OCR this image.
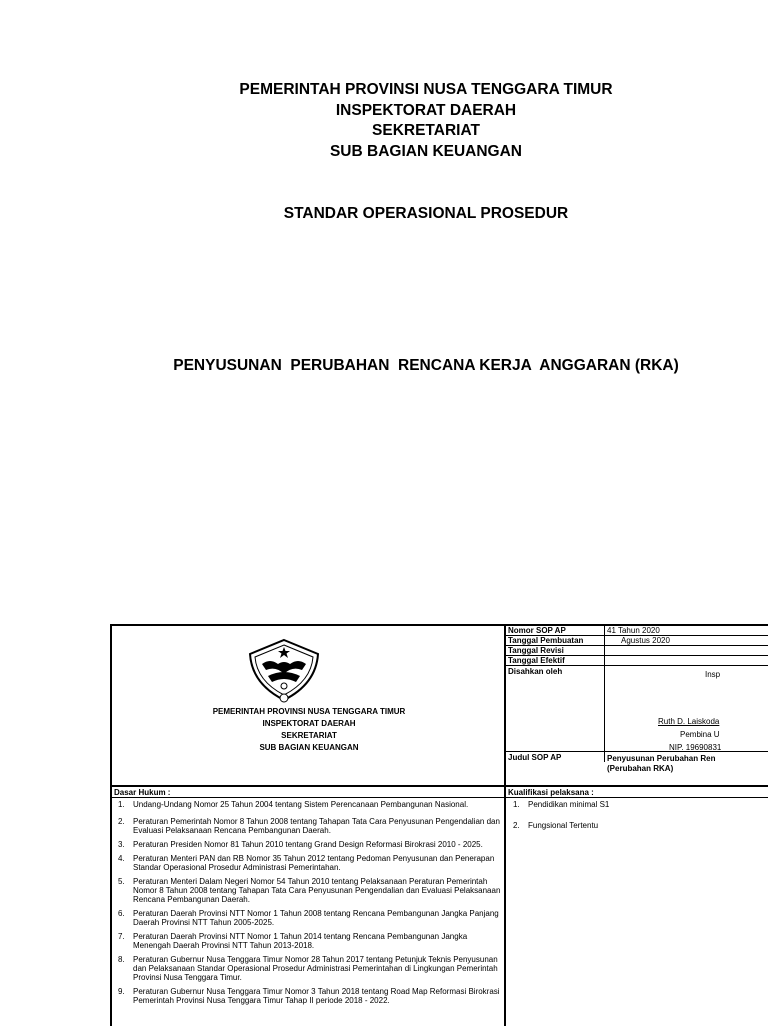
PEMERINTAH PROVINSI NUSA TENGGARA TIMUR
INSPEKTORAT DAERAH
SEKRETARIAT
SUB BAGIAN KEUANGAN
STANDAR OPERASIONAL PROSEDUR
PENYUSUNAN  PERUBAHAN  RENCANA KERJA  ANGGARAN (RKA)
PEMERINTAH PROVINSI NUSA TENGGARA TIMUR
INSPEKTORAT DAERAH
SEKRETARIAT
SUB BAGIAN KEUANGAN
Nomor SOP AP
Tanggal Pembuatan
Tanggal Revisi
Tanggal Efektif
Disahkan oleh
Judul SOP AP
41 Tahun 2020
Agustus 2020
Insp
Ruth D. Laiskoda
Pembina U
NIP. 19690831
Penyusunan Perubahan Ren
(Perubahan RKA)
Dasar Hukum :	Kualifikasi pelaksana :
1. Undang-Undang Nomor 25 Tahun 2004 tentang Sistem Perencanaan Pembangunan Nasional.
2. Peraturan Pemerintah Nomor 8 Tahun 2008 tentang Tahapan Tata Cara Penyusunan Pengendalian dan Evaluasi Pelaksanaan Rencana Pembangunan Daerah.
3. Peraturan Presiden Nomor 81 Tahun 2010 tentang Grand Design Reformasi Birokrasi 2010 - 2025.
4. Peraturan Menteri PAN dan RB Nomor 35 Tahun 2012 tentang Pedoman Penyusunan dan Penerapan Standar Operasional Prosedur Administrasi Pemerintahan.
5. Peraturan Menteri Dalam Negeri Nomor 54 Tahun 2010 tentang Pelaksanaan Peraturan Pemerintah Nomor 8 Tahun 2008 tentang Tahapan Tata Cara Penyusunan Pengendalian dan Evaluasi Pelaksanaan Rencana Pembangunan Daerah.
6. Peraturan Daerah Provinsi NTT Nomor 1 Tahun 2008 tentang Rencana Pembangunan Jangka Panjang Daerah Provinsi NTT Tahun 2005-2025.
7. Peraturan Daerah Provinsi NTT Nomor 1 Tahun 2014 tentang Rencana Pembangunan Jangka Menengah Daerah Provinsi NTT Tahun 2013-2018.
8. Peraturan Gubernur Nusa Tenggara Timur Nomor 28 Tahun 2017 tentang Petunjuk Teknis Penyusunan dan Pelaksanaan Standar Operasional Prosedur Administrasi Pemerintahan di Lingkungan Pemerintah Provinsi Nusa Tenggara Timur.
9. Peraturan Gubernur Nusa Tenggara Timur Nomor 3 Tahun 2018 tentang Road Map Reformasi Birokrasi Pemerintah Provinsi Nusa Tenggara Timur Tahap II periode 2018 - 2022.
1. Pendidikan minimal S1
2. Fungsional Tertentu
